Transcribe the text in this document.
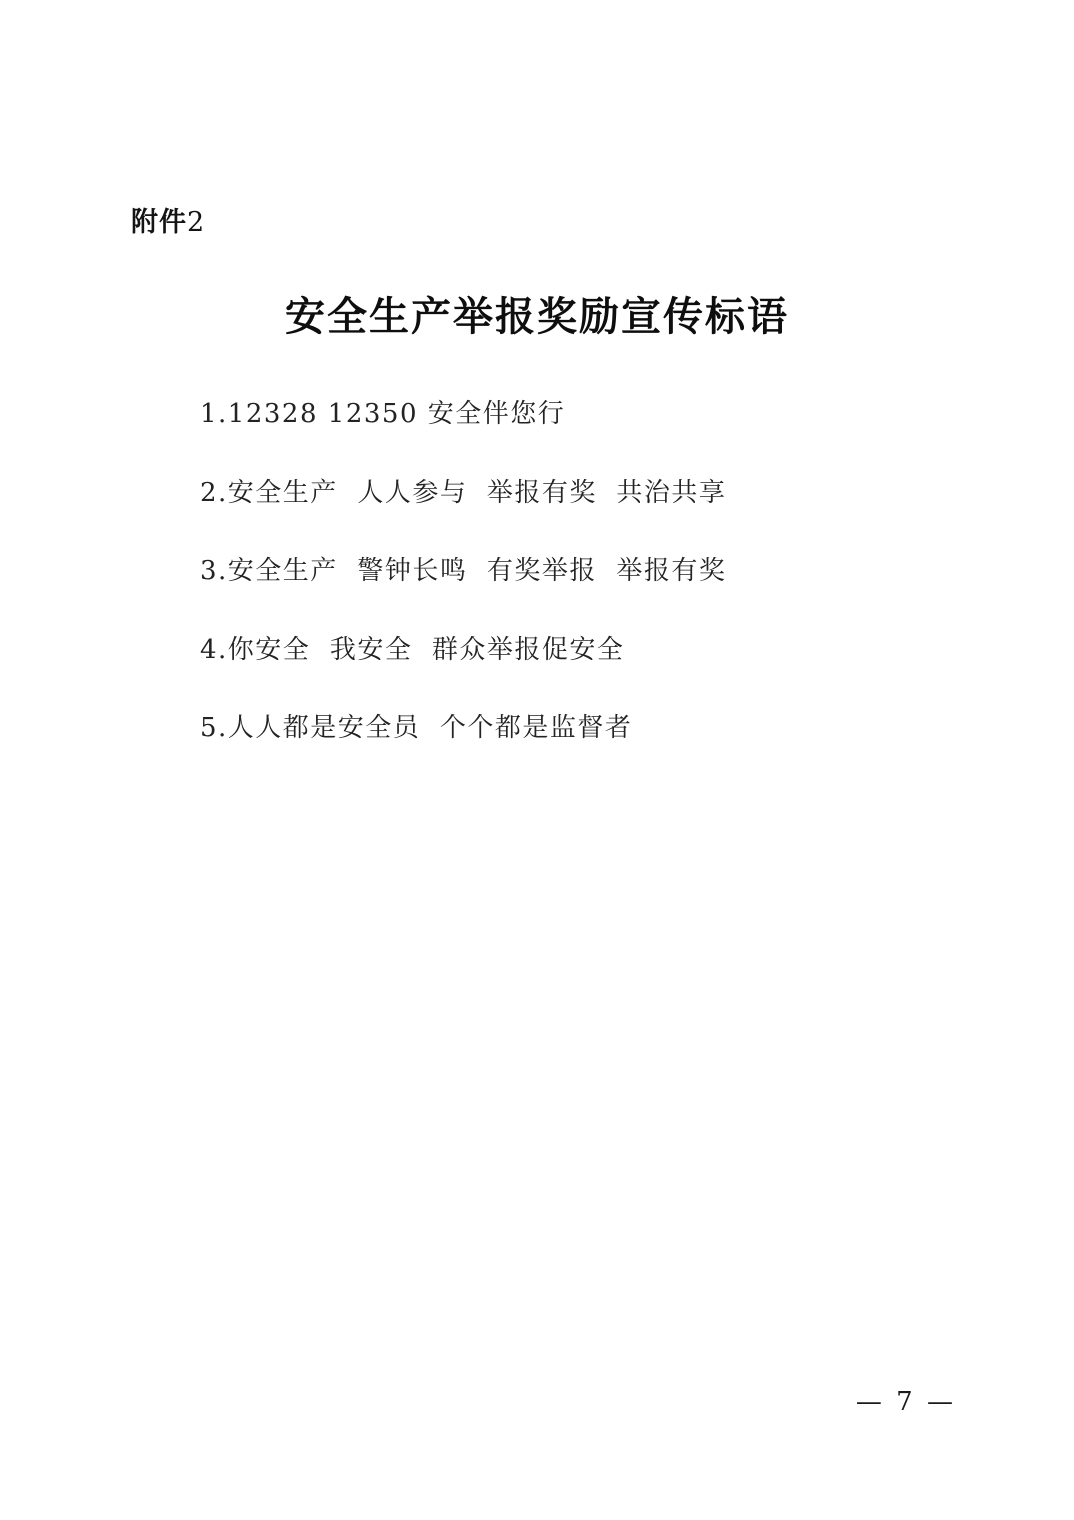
附件2
安全生产举报奖励宣传标语
1.12328 12350 安全伴您行
2.安全生产  人人参与  举报有奖  共治共享
3.安全生产  警钟长鸣  有奖举报  举报有奖
4.你安全  我安全  群众举报促安全
5.人人都是安全员  个个都是监督者
— 7 —
